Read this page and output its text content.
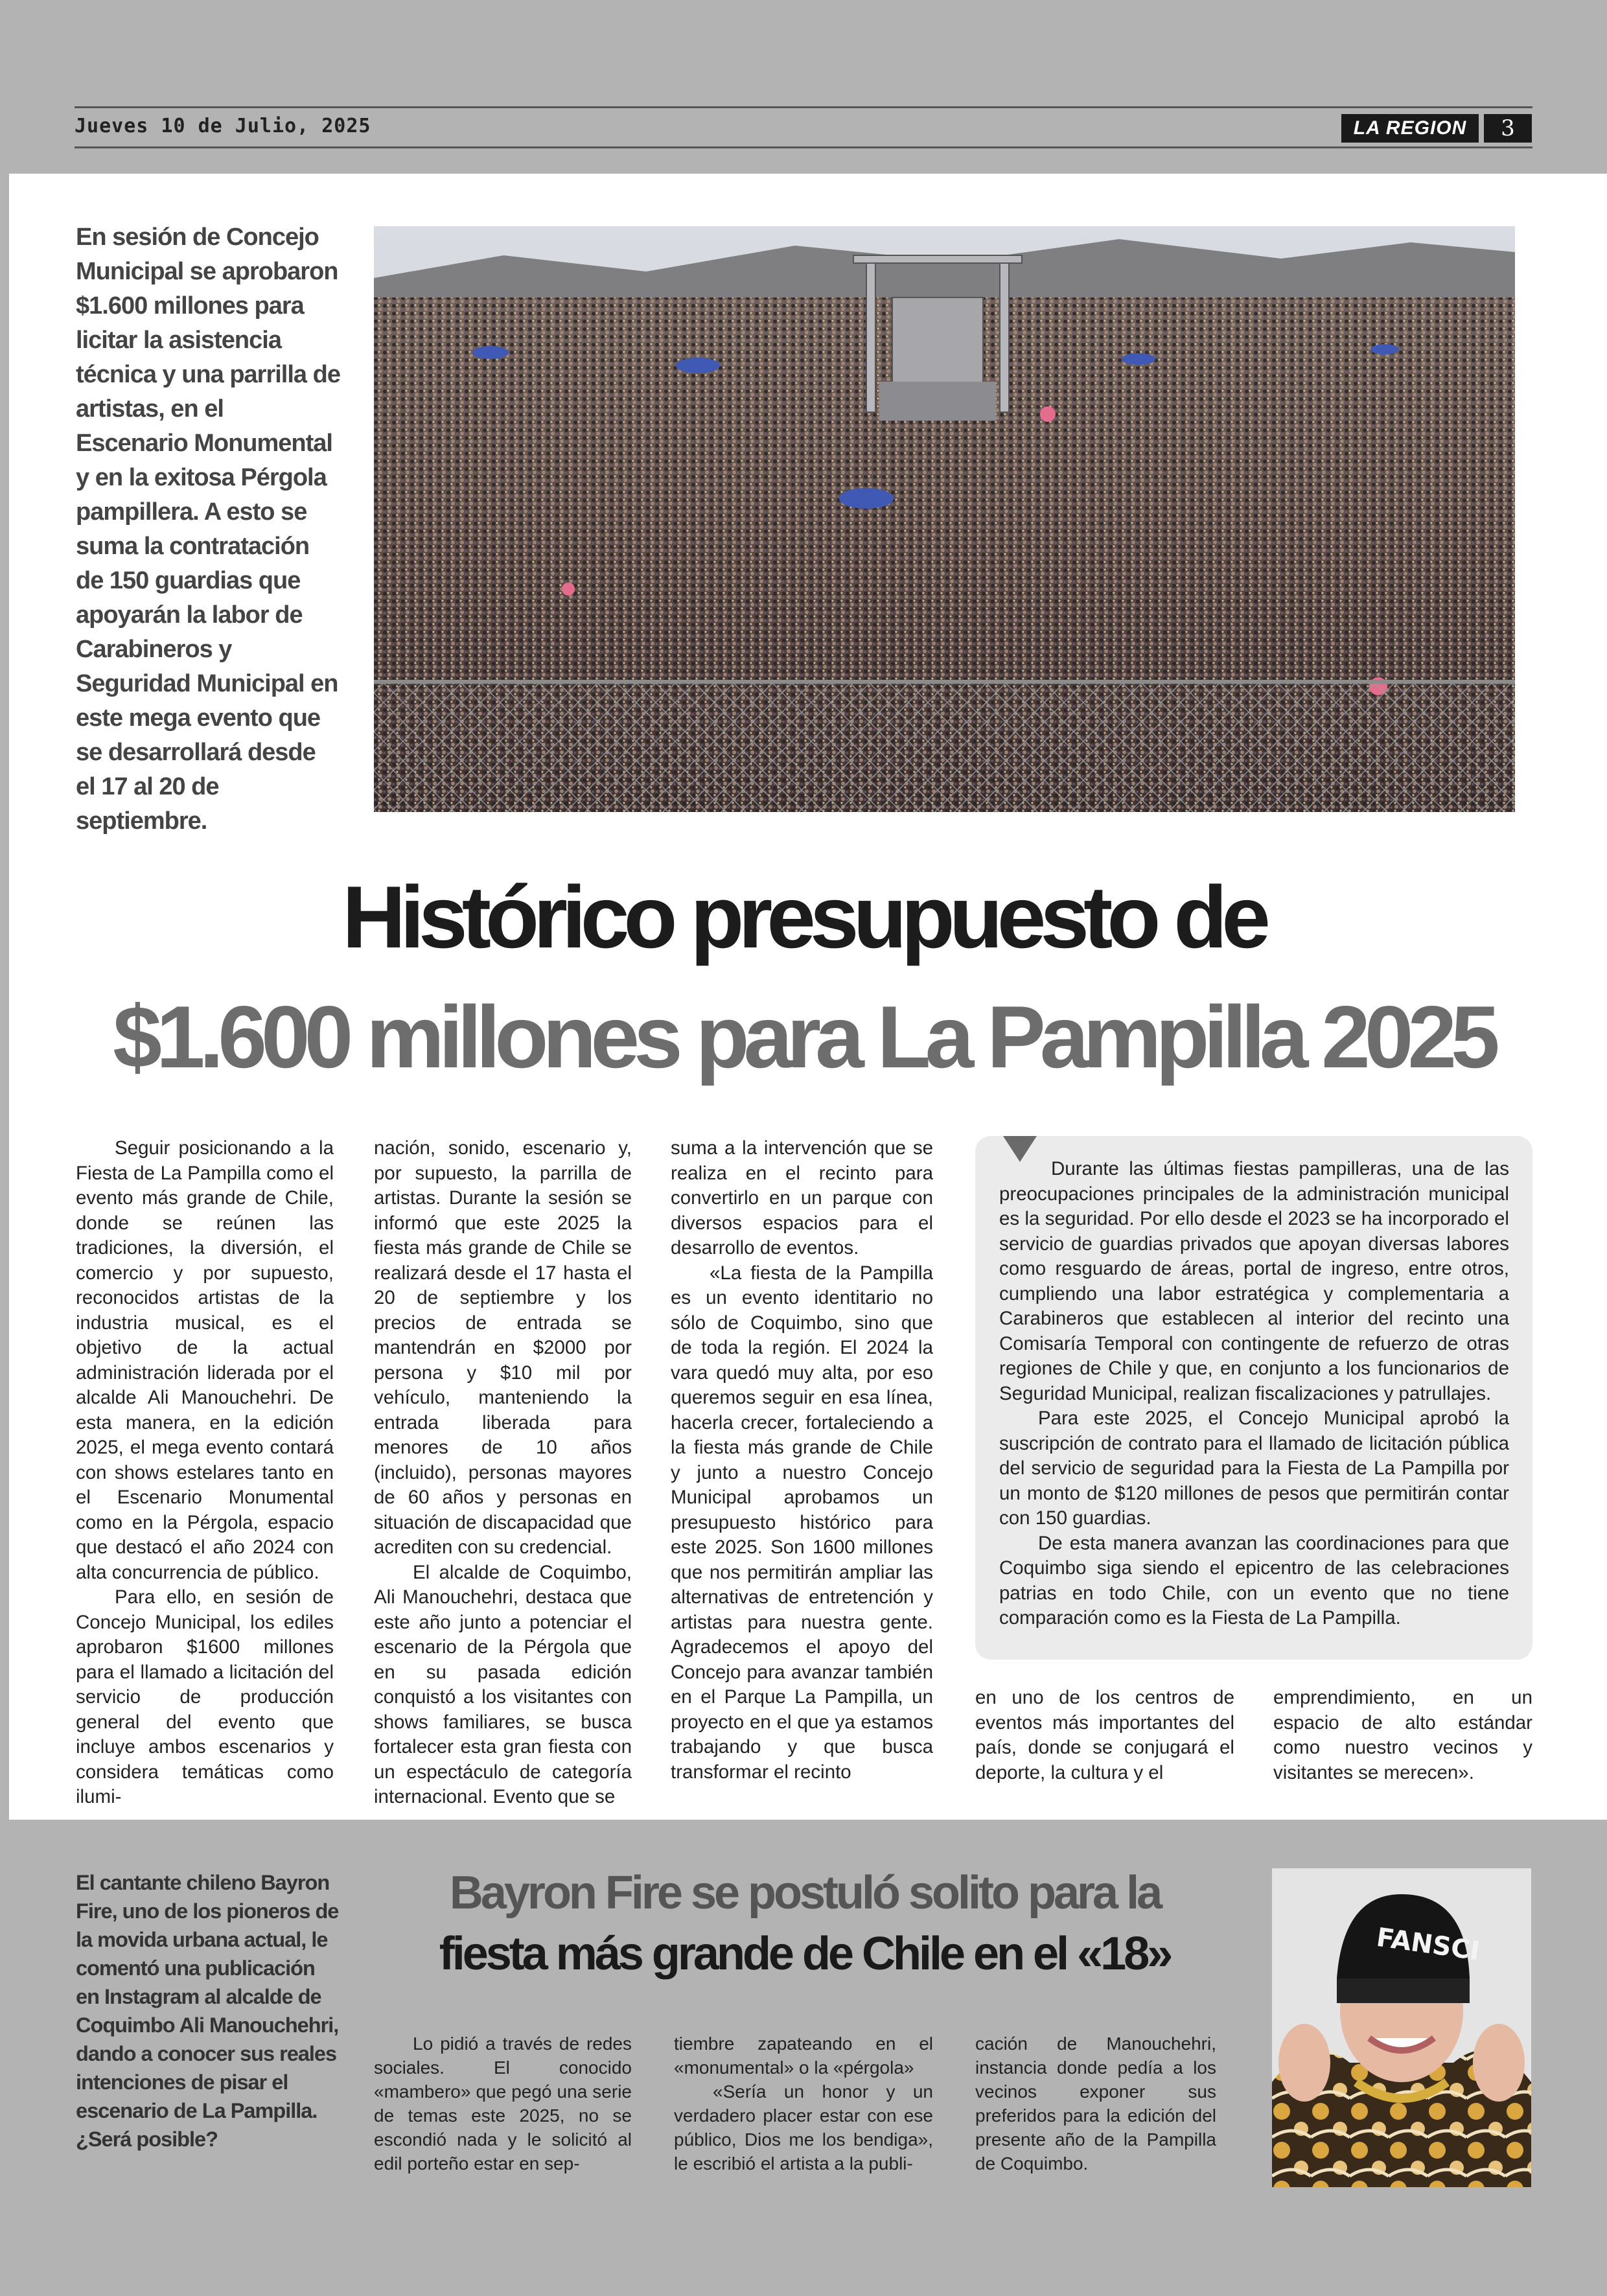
Jueves 10 de Julio, 2025	LA REGION	3
En sesión de Concejo Municipal se aprobaron $1.600 millones para licitar la asistencia técnica y una parrilla de artistas, en el Escenario Monumental y en la exitosa Pérgola pampillera. A esto se suma la contratación de 150 guardias que apoyarán la labor de Carabineros y Seguridad Municipal en este mega evento que se desarrollará desde el 17 al 20 de septiembre.
Histórico presupuesto de
$1.600 millones para La Pampilla 2025

Seguir posicionando a la Fiesta de La Pampilla como el evento más grande de Chile, donde se reúnen las tradiciones, la diversión, el comercio y por supuesto, reconocidos artistas de la industria musical, es el objetivo de la actual administración liderada por el alcalde Ali Manouchehri. De esta manera, en la edición 2025, el mega evento contará con shows estelares tanto en el Escenario Monumental como en la Pérgola, espacio que destacó el año 2024 con alta concurrencia de público.

Para ello, en sesión de Concejo Municipal, los ediles aprobaron $1600 millones para el llamado a licitación del servicio de producción general del evento que incluye ambos escenarios y considera temáticas como ilumi-

nación, sonido, escenario y, por supuesto, la parrilla de artistas. Durante la sesión se informó que este 2025 la fiesta más grande de Chile se realizará desde el 17 hasta el 20 de septiembre y los precios de entrada se mantendrán en $2000 por persona y $10 mil por vehículo, manteniendo la entrada liberada para menores de 10 años (incluido), personas mayores de 60 años y personas en situación de discapacidad que acrediten con su credencial.

El alcalde de Coquimbo, Ali Manouchehri, destaca que este año junto a potenciar el escenario de la Pérgola que en su pasada edición conquistó a los visitantes con shows familiares, se busca fortalecer esta gran fiesta con un espectáculo de categoría internacional. Evento que se

suma a la intervención que se realiza en el recinto para convertirlo en un parque con diversos espacios para el desarrollo de eventos.

«La fiesta de la Pampilla es un evento identitario no sólo de Coquimbo, sino que de toda la región. El 2024 la vara quedó muy alta, por eso queremos seguir en esa línea, hacerla crecer, fortaleciendo a la fiesta más grande de Chile y junto a nuestro Concejo Municipal aprobamos un presupuesto histórico para este 2025. Son 1600 millones que nos permitirán ampliar las alternativas de entretención y artistas para nuestra gente. Agradecemos el apoyo del Concejo para avanzar también en el Parque La Pampilla, un proyecto en el que ya estamos trabajando y que busca transformar el recinto

Durante las últimas fiestas pampilleras, una de las preocupaciones principales de la administración municipal es la seguridad. Por ello desde el 2023 se ha incorporado el servicio de guardias privados que apoyan diversas labores como resguardo de áreas, portal de ingreso, entre otros, cumpliendo una labor estratégica y complementaria a Carabineros que establecen al interior del recinto una Comisaría Temporal con contingente de refuerzo de otras regiones de Chile y que, en conjunto a los funcionarios de Seguridad Municipal, realizan fiscalizaciones y patrullajes.

Para este 2025, el Concejo Municipal aprobó la suscripción de contrato para el llamado de licitación pública del servicio de seguridad para la Fiesta de La Pampilla por un monto de $120 millones de pesos que permitirán contar con 150 guardias.

De esta manera avanzan las coordinaciones para que Coquimbo siga siendo el epicentro de las celebraciones patrias en todo Chile, con un evento que no tiene comparación como es la Fiesta de La Pampilla.

en uno de los centros de eventos más importantes del país, donde se conjugará el deporte, la cultura y el

emprendimiento, en un espacio de alto estándar como nuestro vecinos y visitantes se merecen».

El cantante chileno Bayron Fire, uno de los pioneros de la movida urbana actual, le comentó una publicación en Instagram al alcalde de Coquimbo Ali Manouchehri, dando a conocer sus reales intenciones de pisar el escenario de La Pampilla. ¿Será posible?
Bayron Fire se postuló solito para la
fiesta más grande de Chile en el «18»

Lo pidió a través de redes sociales. El conocido «mambero» que pegó una serie de temas este 2025, no se escondió nada y le solicitó al edil porteño estar en sep-

tiembre zapateando en el «monumental» o la «pérgola»

«Sería un honor y un verdadero placer estar con ese público, Dios me los bendiga», le escribió el artista a la publi-

cación de Manouchehri, instancia donde pedía a los vecinos exponer sus preferidos para la edición del presente año de la Pampilla de Coquimbo.

FANSCI
